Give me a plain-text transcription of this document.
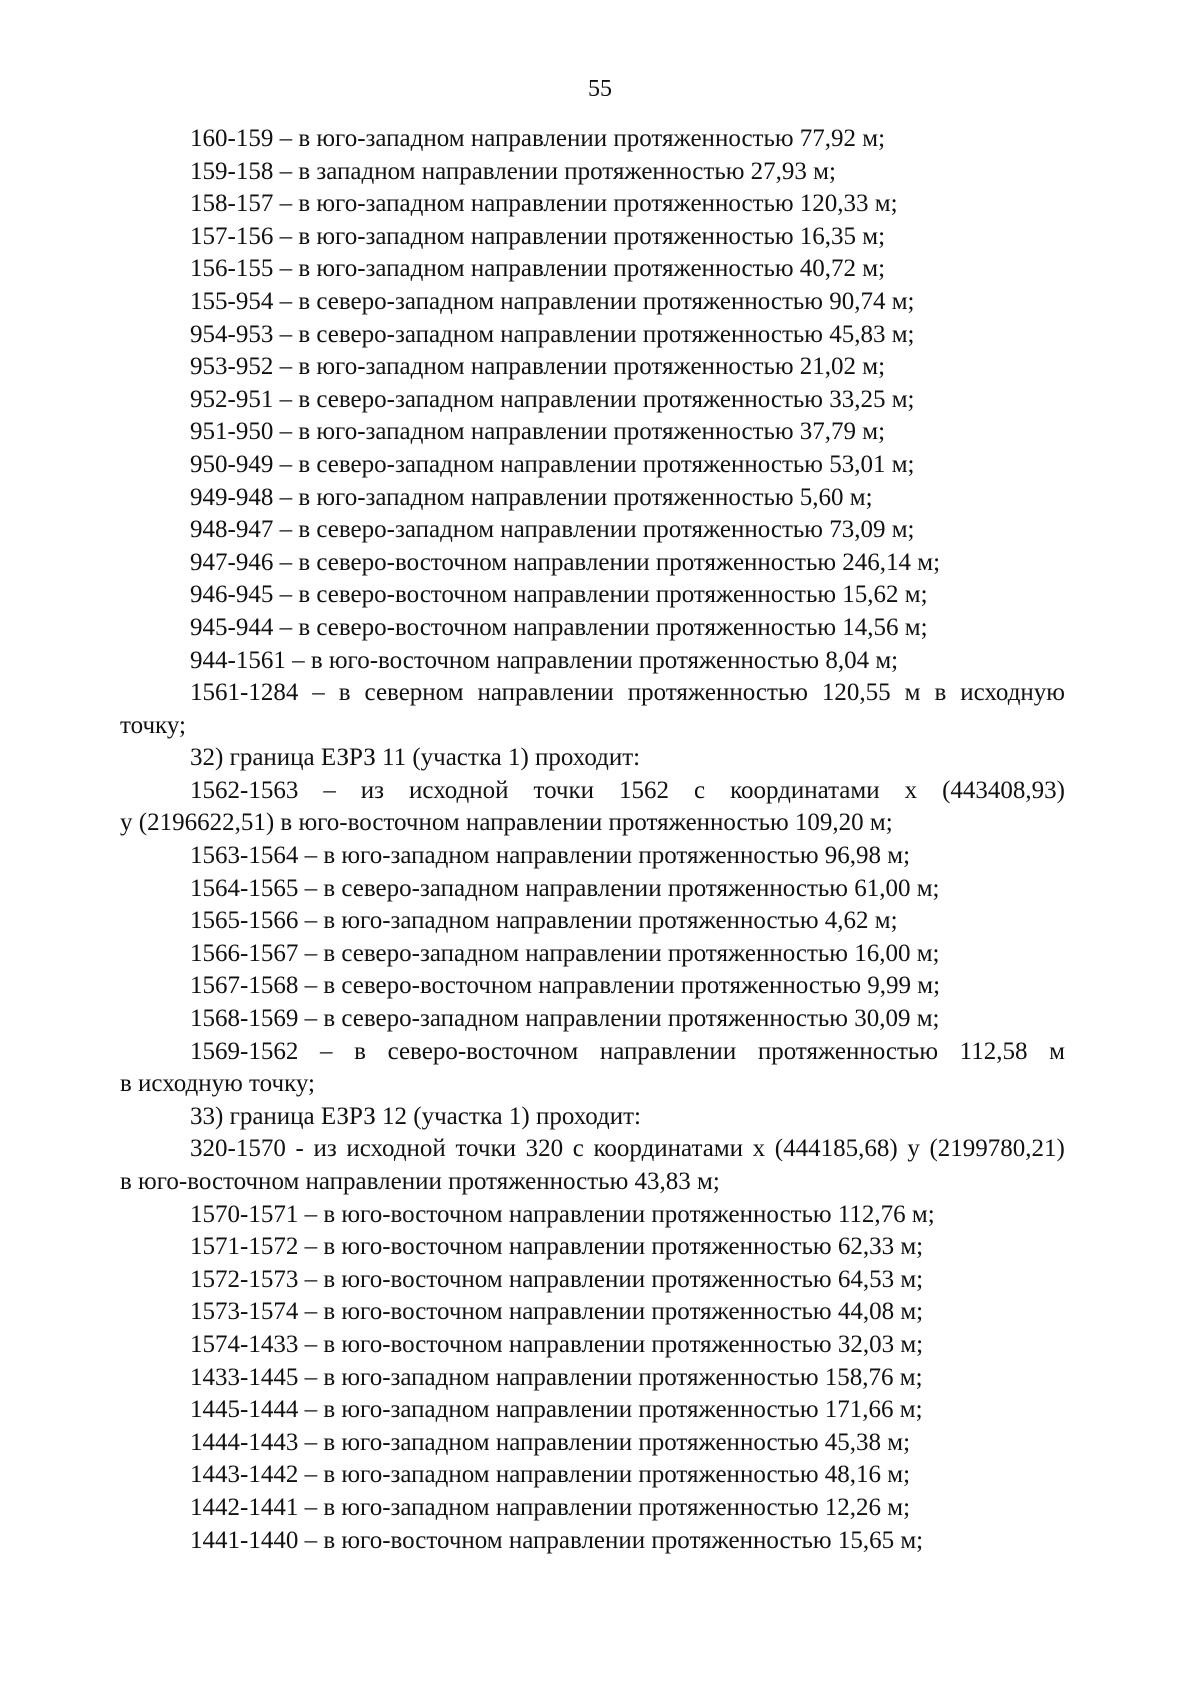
55
160-159 – в юго-западном направлении протяженностью 77,92 м;
159-158 – в западном направлении протяженностью 27,93 м;
158-157 – в юго-западном направлении протяженностью 120,33 м;
157-156 – в юго-западном направлении протяженностью 16,35 м;
156-155 – в юго-западном направлении протяженностью 40,72 м;
155-954 – в северо-западном направлении протяженностью 90,74 м;
954-953 – в северо-западном направлении протяженностью 45,83 м;
953-952 – в юго-западном направлении протяженностью 21,02 м;
952-951 – в северо-западном направлении протяженностью 33,25 м;
951-950 – в юго-западном направлении протяженностью 37,79 м;
950-949 – в северо-западном направлении протяженностью 53,01 м;
949-948 – в юго-западном направлении протяженностью 5,60 м;
948-947 – в северо-западном направлении протяженностью 73,09 м;
947-946 – в северо-восточном направлении протяженностью 246,14 м;
946-945 – в северо-восточном направлении протяженностью 15,62 м;
945-944 – в северо-восточном направлении протяженностью 14,56 м;
944-1561 – в юго-восточном направлении протяженностью 8,04 м;
1561-1284 – в северном направлении протяженностью 120,55 м в исходную
точку;
32) граница ЕЗРЗ 11 (участка 1) проходит:
1562-1563 – из исходной точки 1562 с координатами х (443408,93)
у (2196622,51) в юго-восточном направлении протяженностью 109,20 м;
1563-1564 – в юго-западном направлении протяженностью 96,98 м;
1564-1565 – в северо-западном направлении протяженностью 61,00 м;
1565-1566 – в юго-западном направлении протяженностью 4,62 м;
1566-1567 – в северо-западном направлении протяженностью 16,00 м;
1567-1568 – в северо-восточном направлении протяженностью 9,99 м;
1568-1569 – в северо-западном направлении протяженностью 30,09 м;
1569-1562 – в северо-восточном направлении протяженностью 112,58 м
в исходную точку;
33) граница ЕЗРЗ 12 (участка 1) проходит:
320-1570 - из исходной точки 320 с координатами х (444185,68) у (2199780,21)
в юго-восточном направлении протяженностью 43,83 м;
1570-1571 – в юго-восточном направлении протяженностью 112,76 м;
1571-1572 – в юго-восточном направлении протяженностью 62,33 м;
1572-1573 – в юго-восточном направлении протяженностью 64,53 м;
1573-1574 – в юго-восточном направлении протяженностью 44,08 м;
1574-1433 – в юго-восточном направлении протяженностью 32,03 м;
1433-1445 – в юго-западном направлении протяженностью 158,76 м;
1445-1444 – в юго-западном направлении протяженностью 171,66 м;
1444-1443 – в юго-западном направлении протяженностью 45,38 м;
1443-1442 – в юго-западном направлении протяженностью 48,16 м;
1442-1441 – в юго-западном направлении протяженностью 12,26 м;
1441-1440 – в юго-восточном направлении протяженностью 15,65 м;
